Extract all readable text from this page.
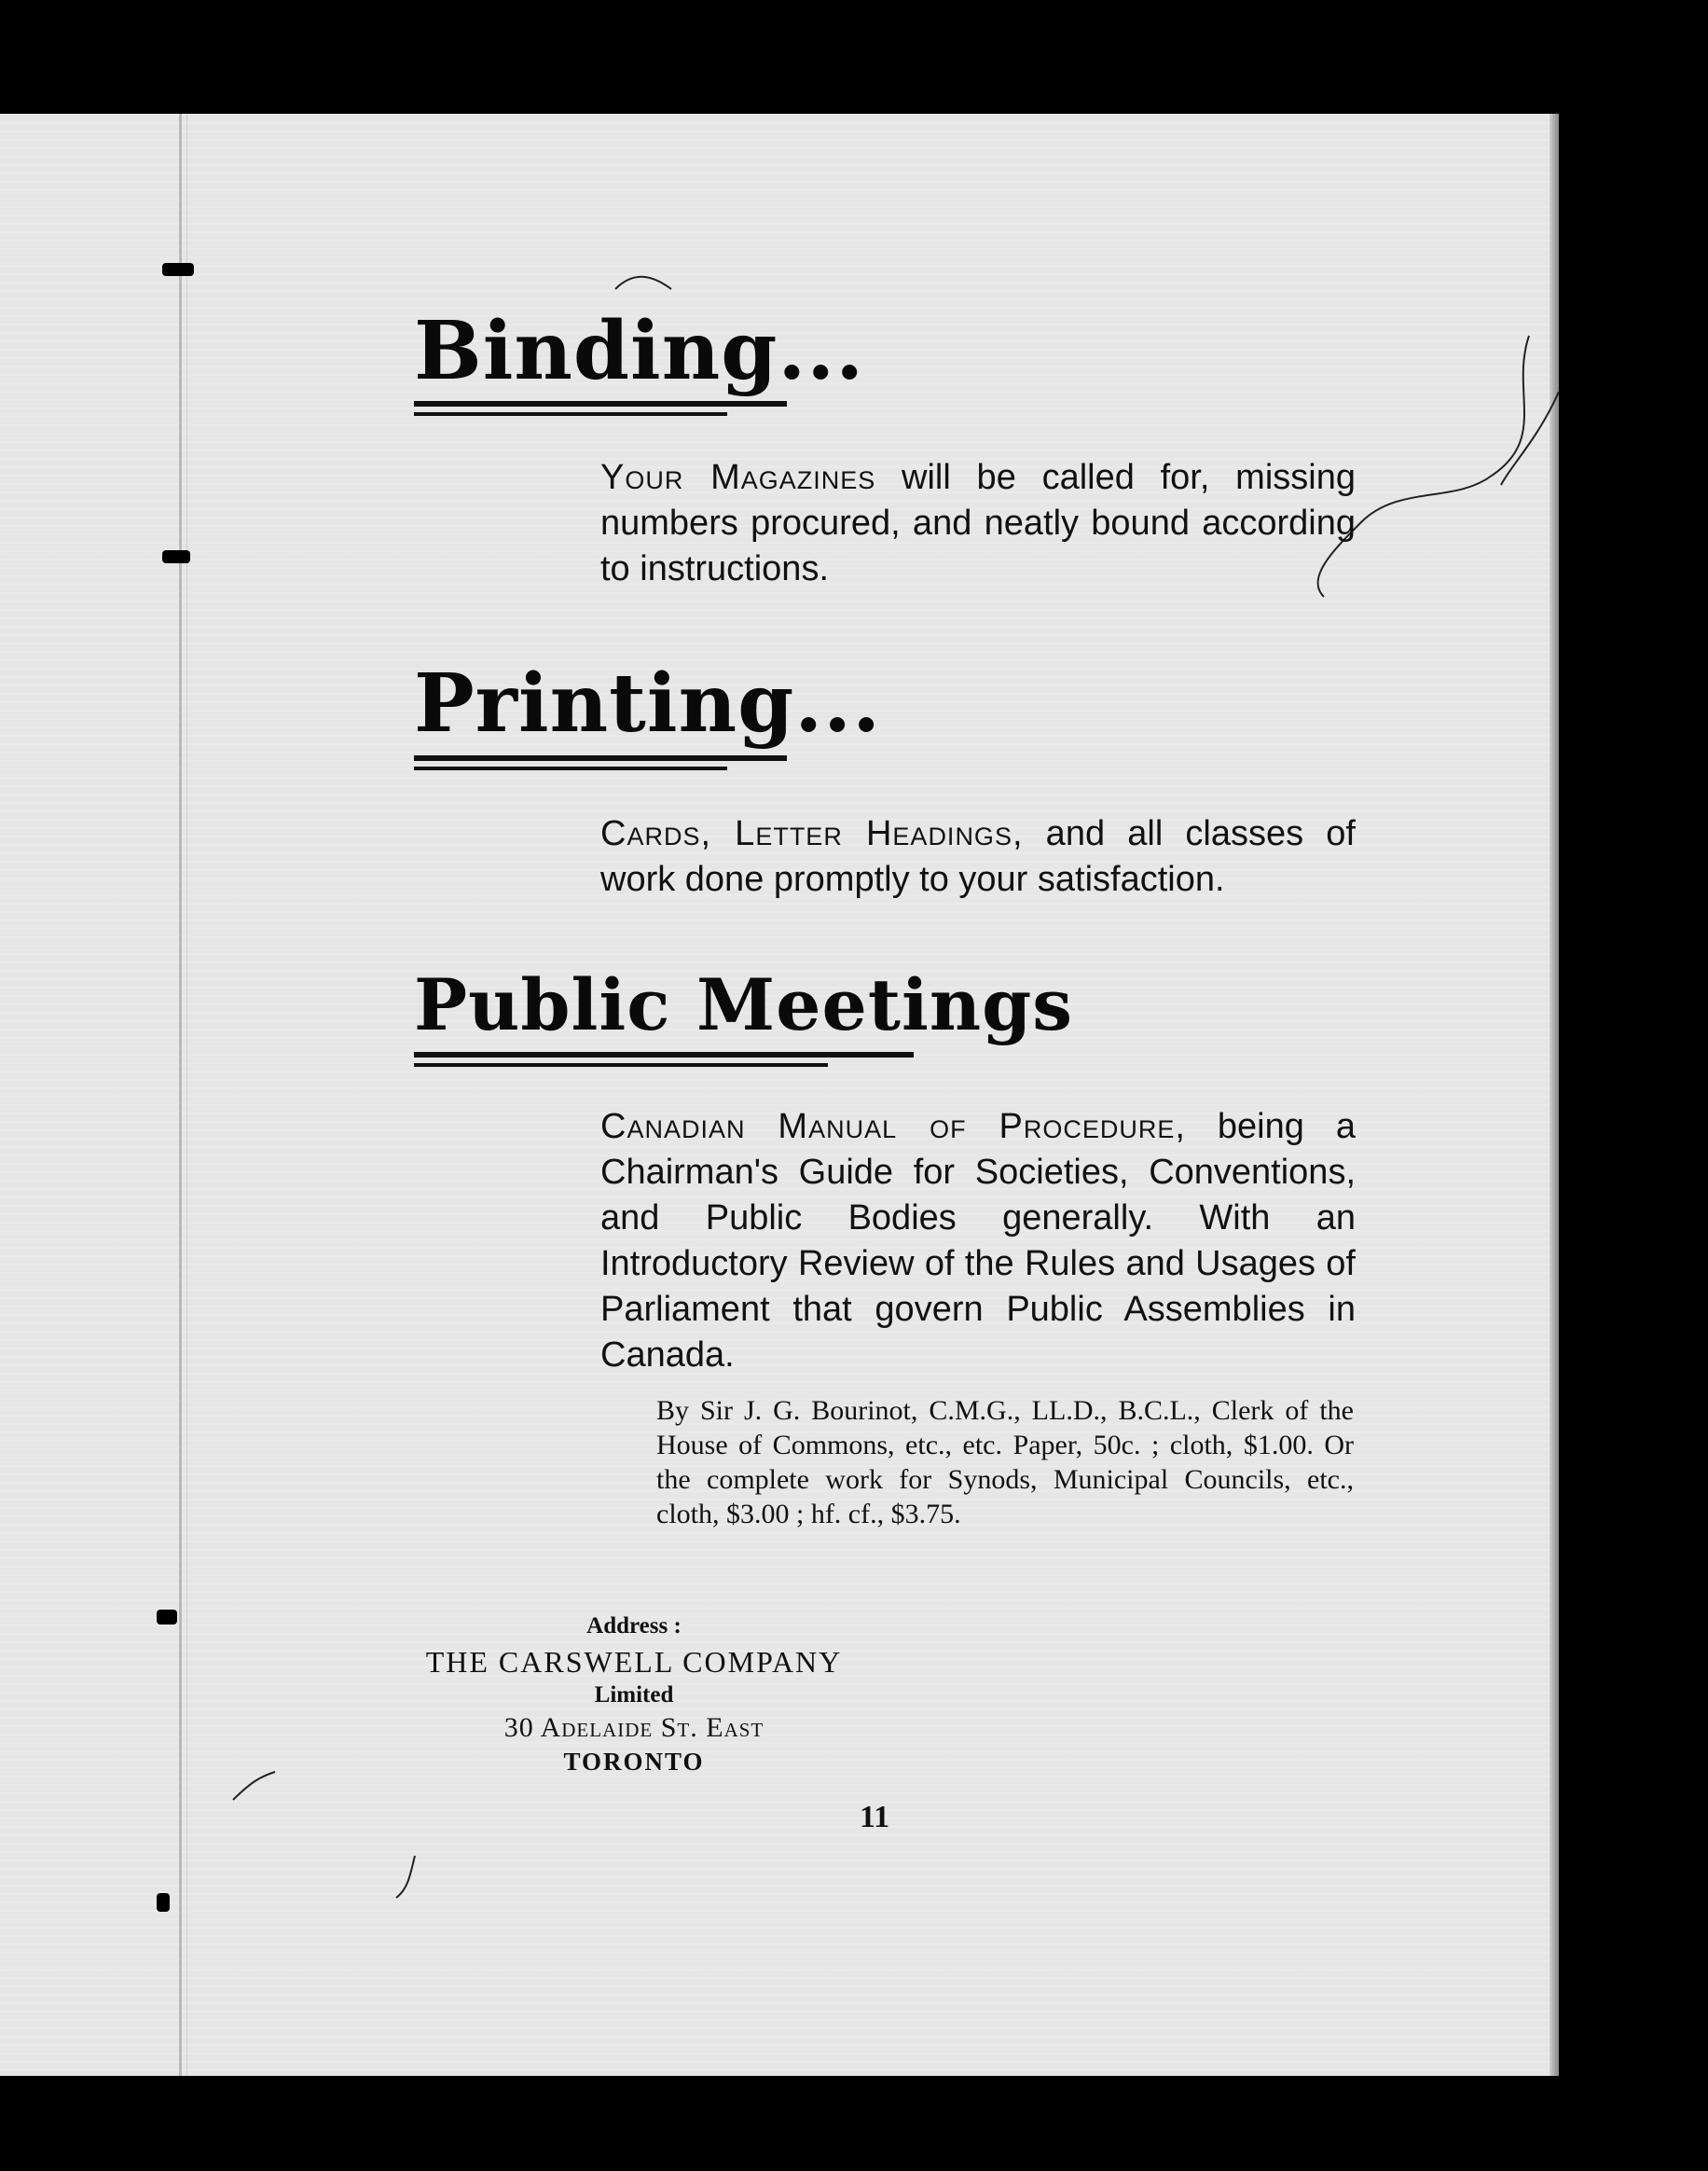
Binding...
Your Magazines will be called for, missing numbers procured, and neatly bound according to instructions.
Printing...
Cards, Letter Headings, and all classes of work done promptly to your satisfaction.
Public Meetings
Canadian Manual of Procedure, being a Chairman's Guide for Societies, Conventions, and Public Bodies generally. With an Introductory Review of the Rules and Usages of Parliament that govern Public Assemblies in Canada.
By Sir J. G. Bourinot, C.M.G., LL.D., B.C.L., Clerk of the House of Commons, etc., etc. Paper, 50c. ; cloth, $1.00. Or the complete work for Synods, Municipal Councils, etc., cloth, $3.00 ; hf. cf., $3.75.
Address :
THE CARSWELL COMPANY
Limited
30 Adelaide St. East
TORONTO
11
